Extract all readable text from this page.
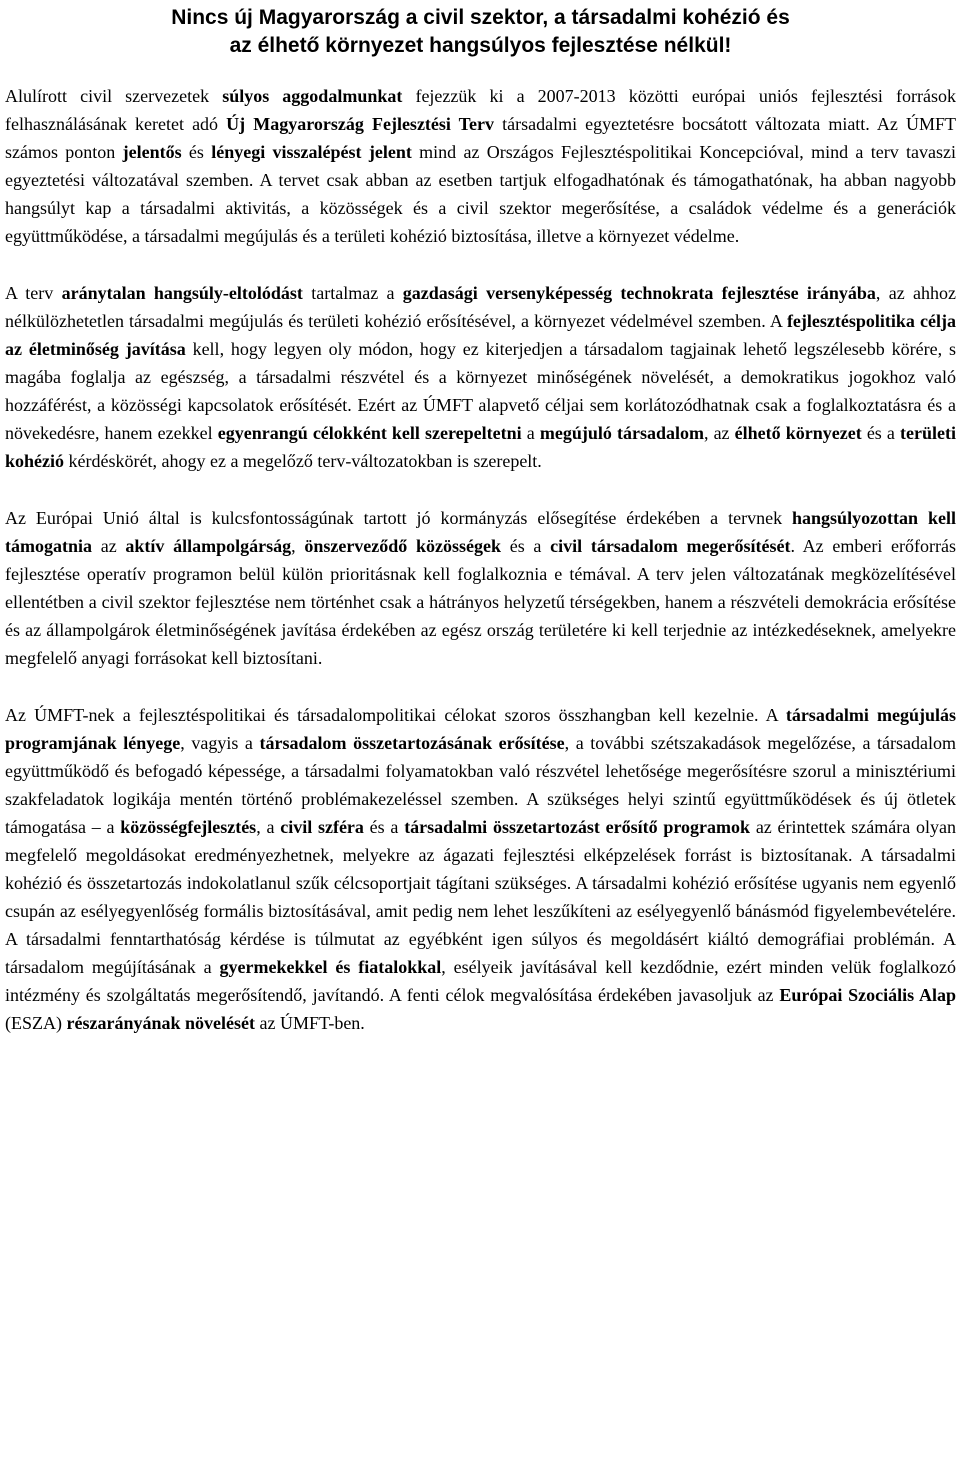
Nincs új Magyarország a civil szektor, a társadalmi kohézió és
az élhető környezet hangsúlyos fejlesztése nélkül!

Alulírott civil szervezetek súlyos aggodalmunkat fejezzük ki a 2007-2013 közötti európai uniós fejlesztési források felhasználásának keretet adó Új Magyarország Fejlesztési Terv társadalmi egyeztetésre bocsátott változata miatt. Az ÚMFT számos ponton jelentős és lényegi visszalépést jelent mind az Országos Fejlesztéspolitikai Koncepcióval, mind a terv tavaszi egyeztetési változatával szemben. A tervet csak abban az esetben tartjuk elfogadhatónak és támogathatónak, ha abban nagyobb hangsúlyt kap a társadalmi aktivitás, a közösségek és a civil szektor megerősítése, a családok védelme és a generációk együttműködése, a társadalmi megújulás és a területi kohézió biztosítása, illetve a környezet védelme.

A terv aránytalan hangsúly-eltolódást tartalmaz a gazdasági versenyképesség technokrata fejlesztése irányába, az ahhoz nélkülözhetetlen társadalmi megújulás és területi kohézió erősítésével, a környezet védelmével szemben. A fejlesztéspolitika célja az életminőség javítása kell, hogy legyen oly módon, hogy ez kiterjedjen a társadalom tagjainak lehető legszélesebb körére, s magába foglalja az egészség, a társadalmi részvétel és a környezet minőségének növelését, a demokratikus jogokhoz való hozzáférést, a közösségi kapcsolatok erősítését. Ezért az ÚMFT alapvető céljai sem korlátozódhatnak csak a foglalkoztatásra és a növekedésre, hanem ezekkel egyenrangú célokként kell szerepeltetni a megújuló társadalom, az élhető környezet és a területi kohézió kérdéskörét, ahogy ez a megelőző terv-változatokban is szerepelt.

Az Európai Unió által is kulcsfontosságúnak tartott jó kormányzás elősegítése érdekében a tervnek hangsúlyozottan kell támogatnia az aktív állampolgárság, önszerveződő közösségek és a civil társadalom megerősítését. Az emberi erőforrás fejlesztése operatív programon belül külön prioritásnak kell foglalkoznia e témával. A terv jelen változatának megközelítésével ellentétben a civil szektor fejlesztése nem történhet csak a hátrányos helyzetű térségekben, hanem a részvételi demokrácia erősítése és az állampolgárok életminőségének javítása érdekében az egész ország területére ki kell terjednie az intézkedéseknek, amelyekre megfelelő anyagi forrásokat kell biztosítani.

Az ÚMFT-nek a fejlesztéspolitikai és társadalompolitikai célokat szoros összhangban kell kezelnie. A társadalmi megújulás programjának lényege, vagyis a társadalom összetartozásának erősítése, a további szétszakadások megelőzése, a társadalom együttműködő és befogadó képessége, a társadalmi folyamatokban való részvétel lehetősége megerősítésre szorul a minisztériumi szakfeladatok logikája mentén történő problémakezeléssel szemben. A szükséges helyi szintű együttműködések és új ötletek támogatása – a közösségfejlesztés, a civil szféra és a társadalmi összetartozást erősítő programok az érintettek számára olyan megfelelő megoldásokat eredményezhetnek, melyekre az ágazati fejlesztési elképzelések forrást is biztosítanak. A társadalmi kohézió és összetartozás indokolatlanul szűk célcsoportjait tágítani szükséges. A társadalmi kohézió erősítése ugyanis nem egyenlő csupán az esélyegyenlőség formális biztosításával, amit pedig nem lehet leszűkíteni az esélyegyenlő bánásmód figyelembevételére. A társadalmi fenntarthatóság kérdése is túlmutat az egyébként igen súlyos és megoldásért kiáltó demográfiai problémán. A társadalom megújításának a gyermekekkel és fiatalokkal, esélyeik javításával kell kezdődnie, ezért minden velük foglalkozó intézmény és szolgáltatás megerősítendő, javítandó. A fenti célok megvalósítása érdekében javasoljuk az Európai Szociális Alap (ESZA) részarányának növelését az ÚMFT-ben.
